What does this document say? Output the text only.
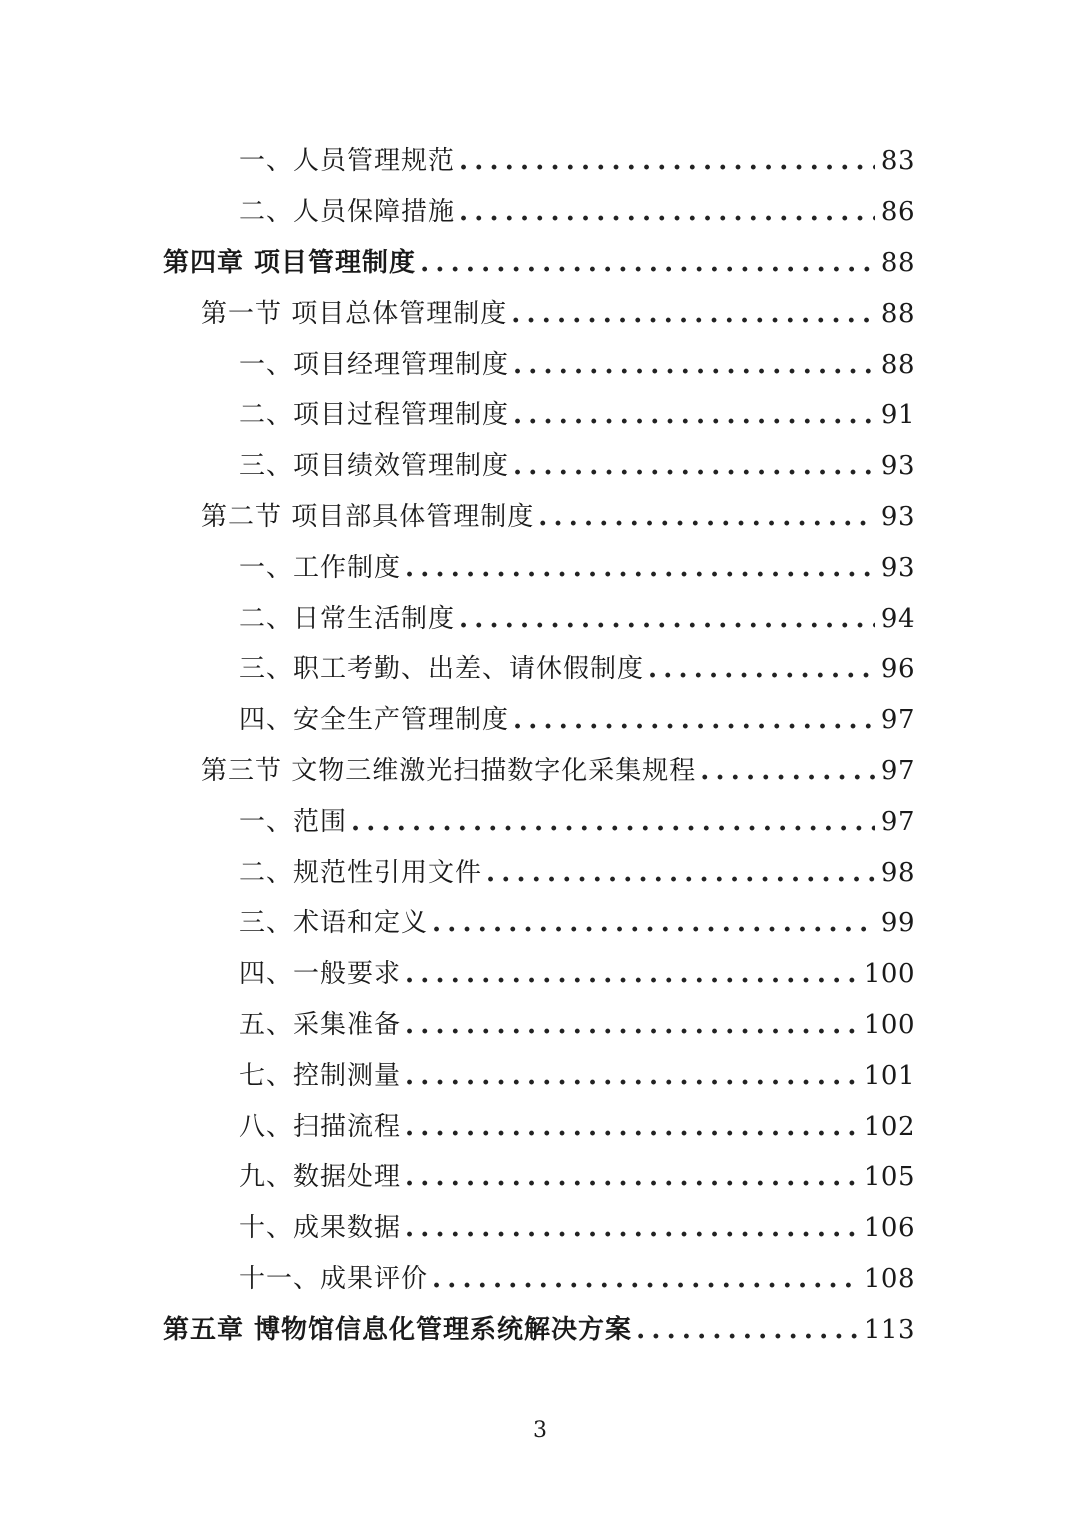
一、人员管理规范 .....	83
二、人员保障措施 .....	86
第四章 项目管理制度 .....	88
第一节 项目总体管理制度 .....	88
一、项目经理管理制度 .....	88
二、项目过程管理制度 .....	91
三、项目绩效管理制度 .....	93
第二节 项目部具体管理制度 .....	93
一、工作制度 .....	93
二、日常生活制度 .....	94
三、职工考勤、出差、请休假制度 .....	96
四、安全生产管理制度 .....	97
第三节 文物三维激光扫描数字化采集规程 .....	97
一、范围 .....	97
二、规范性引用文件 .....	98
三、术语和定义 .....	99
四、一般要求 .....	100
五、采集准备 .....	100
七、控制测量 .....	101
八、扫描流程 .....	102
九、数据处理 .....	105
十、成果数据 .....	106
十一、成果评价 .....	108
第五章 博物馆信息化管理系统解决方案 .....	113
3
